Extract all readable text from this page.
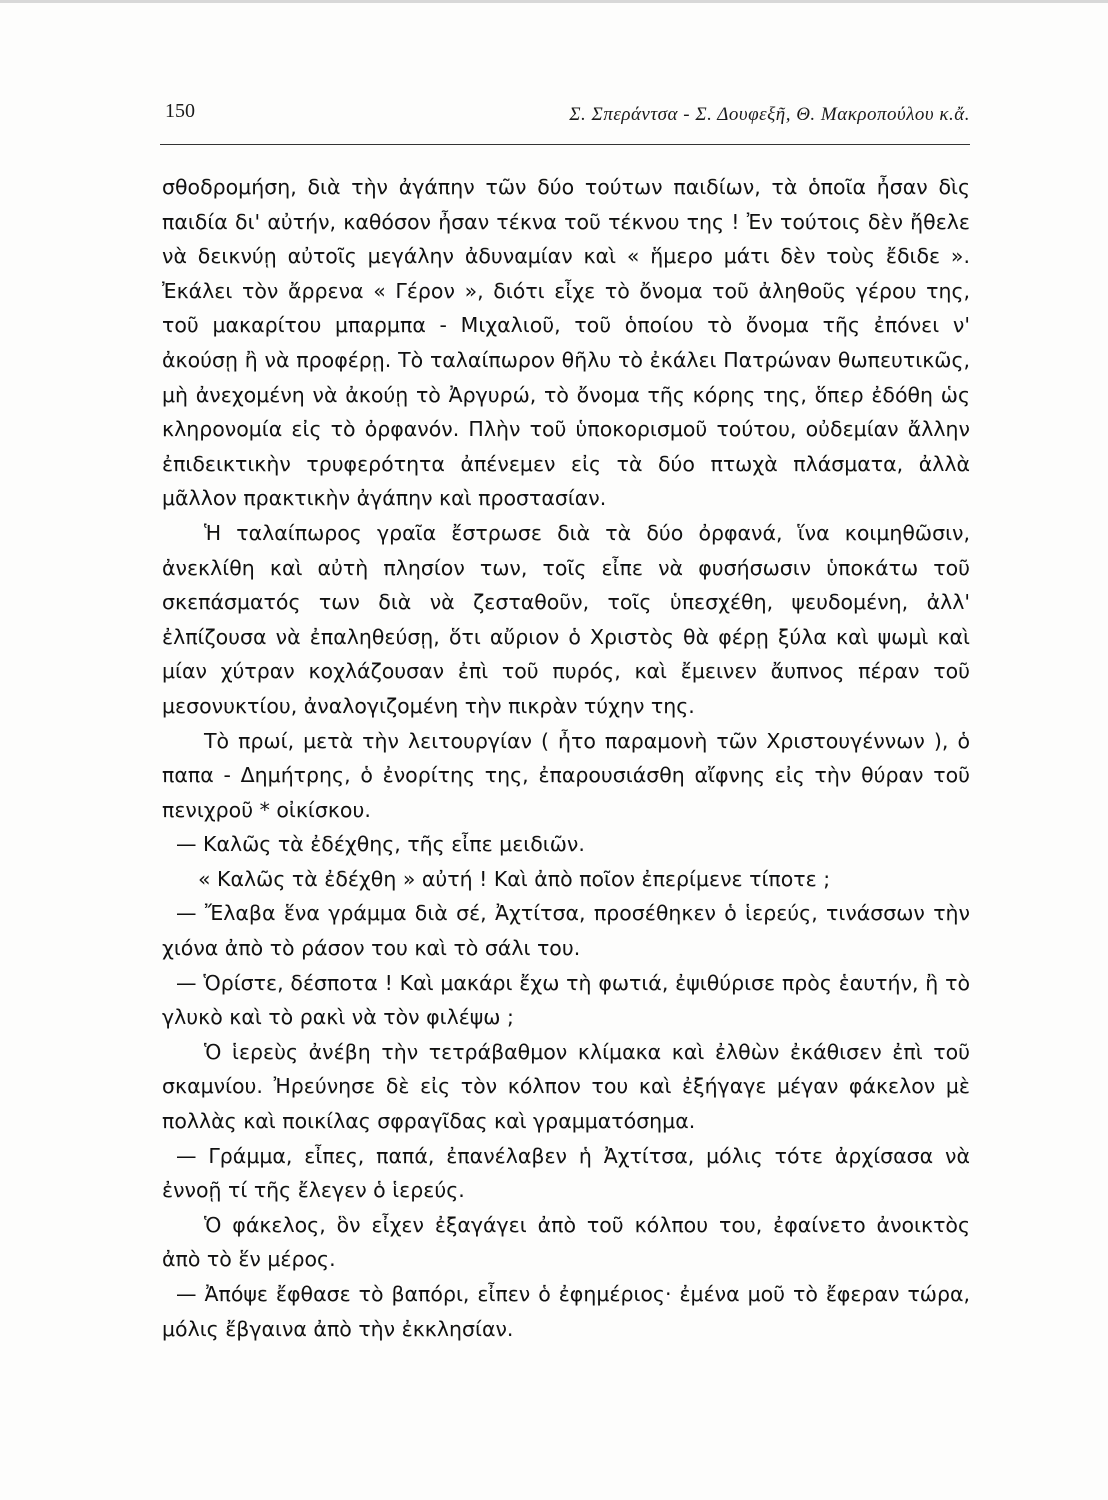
150	Σ. Σπεράντσα - Σ. Δουφεξῆ, Θ. Μακροπούλου κ.ἄ.

σθοδρομήση, διὰ τὴν ἀγάπην τῶν δύο τούτων παιδίων, τὰ ὁποῖα ἦσαν δὶς παιδία δι' αὐτήν, καθόσον ἦσαν τέκνα τοῦ τέκνου της ! Ἐν τούτοις δὲν ἤθελε νὰ δεικνύῃ αὐτοῖς μεγάλην ἀδυναμίαν καὶ « ἥμερο μάτι δὲν τοὺς ἔδιδε ». Ἐκάλει τὸν ἄρρενα « Γέρον », διότι εἶχε τὸ ὄνομα τοῦ ἀληθοῦς γέρου της, τοῦ μακαρίτου μπαρμπα - Μιχαλιοῦ, τοῦ ὁποίου τὸ ὄνομα τῆς ἐπόνει ν' ἀκούσῃ ἢ νὰ προφέρῃ. Τὸ ταλαίπωρον θῆλυ τὸ ἐκάλει Πατρώναν θωπευτικῶς, μὴ ἀνεχομένη νὰ ἀκούῃ τὸ Ἀργυρώ, τὸ ὄνομα τῆς κόρης της, ὅπερ ἐδόθη ὡς κληρονομία εἰς τὸ ὀρφανόν. Πλὴν τοῦ ὑποκορισμοῦ τούτου, οὐδεμίαν ἄλλην ἐπιδεικτικὴν τρυφερότητα ἀπένεμεν εἰς τὰ δύο πτωχὰ πλάσματα, ἀλλὰ μᾶλλον πρακτικὴν ἀγάπην καὶ προστασίαν.

Ἡ ταλαίπωρος γραῖα ἔστρωσε διὰ τὰ δύο ὀρφανά, ἵνα κοιμηθῶσιν, ἀνεκλίθη καὶ αὐτὴ πλησίον των, τοῖς εἶπε νὰ φυσήσωσιν ὑποκάτω τοῦ σκεπάσματός των διὰ νὰ ζεσταθοῦν, τοῖς ὑπεσχέθη, ψευδομένη, ἀλλ' ἐλπίζουσα νὰ ἐπαληθεύσῃ, ὅτι αὔριον ὁ Χριστὸς θὰ φέρῃ ξύλα καὶ ψωμὶ καὶ μίαν χύτραν κοχλάζουσαν ἐπὶ τοῦ πυρός, καὶ ἔμεινεν ἄυπνος πέραν τοῦ μεσονυκτίου, ἀναλογιζομένη τὴν πικρὰν τύχην της.

Τὸ πρωί, μετὰ τὴν λειτουργίαν ( ἦτο παραμονὴ τῶν Χριστουγέννων ), ὁ παπα - Δημήτρης, ὁ ἐνορίτης της, ἐπαρουσιάσθη αἴφνης εἰς τὴν θύραν τοῦ πενιχροῦ * οἰκίσκου.

— Καλῶς τὰ ἐδέχθης, τῆς εἶπε μειδιῶν.

« Καλῶς τὰ ἐδέχθη » αὐτή ! Καὶ ἀπὸ ποῖον ἐπερίμενε τίποτε ;

— Ἔλαβα ἕνα γράμμα διὰ σέ, Ἀχτίτσα, προσέθηκεν ὁ ἱερεύς, τινάσσων τὴν χιόνα ἀπὸ τὸ ράσον του καὶ τὸ σάλι του.

— Ὁρίστε, δέσποτα ! Καὶ μακάρι ἔχω τὴ φωτιά, ἐψιθύρισε πρὸς ἑαυτήν, ἢ τὸ γλυκὸ καὶ τὸ ρακὶ νὰ τὸν φιλέψω ;

Ὁ ἱερεὺς ἀνέβη τὴν τετράβαθμον κλίμακα καὶ ἐλθὼν ἐκάθισεν ἐπὶ τοῦ σκαμνίου. Ἠρεύνησε δὲ εἰς τὸν κόλπον του καὶ ἐξήγαγε μέγαν φάκελον μὲ πολλὰς καὶ ποικίλας σφραγῖδας καὶ γραμματόσημα.

— Γράμμα, εἶπες, παπά, ἐπανέλαβεν ἡ Ἀχτίτσα, μόλις τότε ἀρχίσασα νὰ ἐννοῇ τί τῆς ἔλεγεν ὁ ἱερεύς.

Ὁ φάκελος, ὃν εἶχεν ἐξαγάγει ἀπὸ τοῦ κόλπου του, ἐφαίνετο ἀνοικτὸς ἀπὸ τὸ ἕν μέρος.

— Ἀπόψε ἔφθασε τὸ βαπόρι, εἶπεν ὁ ἐφημέριος· ἐμένα μοῦ τὸ ἔφεραν τώρα, μόλις ἔβγαινα ἀπὸ τὴν ἐκκλησίαν.
